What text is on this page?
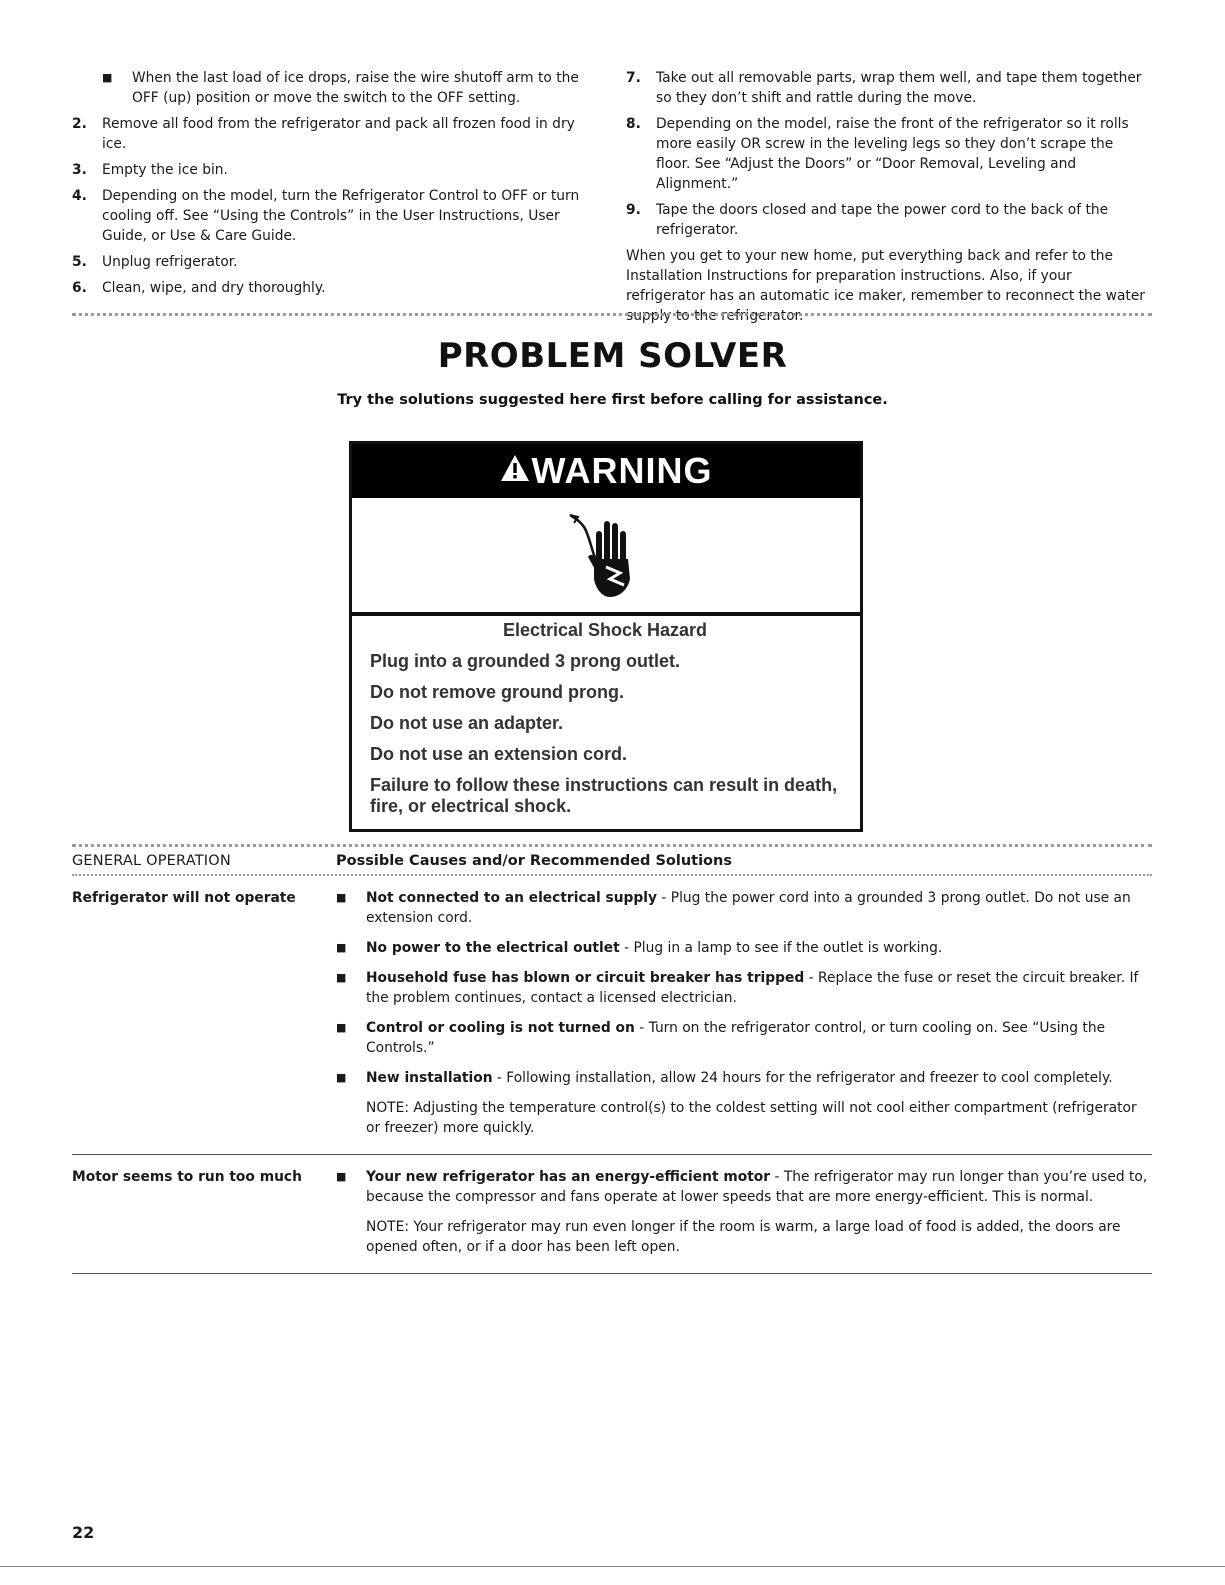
■	When the last load of ice drops, raise the wire shutoff arm to the OFF (up) position or move the switch to the OFF setting.
2.	Remove all food from the refrigerator and pack all frozen food in dry ice.
3.	Empty the ice bin.
4.	Depending on the model, turn the Refrigerator Control to OFF or turn cooling off. See “Using the Controls” in the User Instructions, User Guide, or Use & Care Guide.
5.	Unplug refrigerator.
6.	Clean, wipe, and dry thoroughly.
7.	Take out all removable parts, wrap them well, and tape them together so they don’t shift and rattle during the move.
8.	Depending on the model, raise the front of the refrigerator so it rolls more easily OR screw in the leveling legs so they don’t scrape the floor. See “Adjust the Doors” or “Door Removal, Leveling and Alignment.”
9.	Tape the doors closed and tape the power cord to the back of the refrigerator.
When you get to your new home, put everything back and refer to the Installation Instructions for preparation instructions. Also, if your refrigerator has an automatic ice maker, remember to reconnect the water supply to the refrigerator.
PROBLEM SOLVER
Try the solutions suggested here first before calling for assistance.
WARNING
Electrical Shock Hazard
Plug into a grounded 3 prong outlet.
Do not remove ground prong.
Do not use an adapter.
Do not use an extension cord.
Failure to follow these instructions can result in death, fire, or electrical shock.
GENERAL OPERATION	Possible Causes and/or Recommended Solutions
Refrigerator will not operate	■	Not connected to an electrical supply - Plug the power cord into a grounded 3 prong outlet. Do not use an extension cord.
■	No power to the electrical outlet - Plug in a lamp to see if the outlet is working.
■	Household fuse has blown or circuit breaker has tripped - Replace the fuse or reset the circuit breaker. If the problem continues, contact a licensed electrician.
■	Control or cooling is not turned on - Turn on the refrigerator control, or turn cooling on. See “Using the Controls.”
■	New installation - Following installation, allow 24 hours for the refrigerator and freezer to cool completely.
NOTE: Adjusting the temperature control(s) to the coldest setting will not cool either compartment (refrigerator or freezer) more quickly.
Motor seems to run too much	■	Your new refrigerator has an energy-efficient motor - The refrigerator may run longer than you’re used to, because the compressor and fans operate at lower speeds that are more energy-efficient. This is normal.
NOTE: Your refrigerator may run even longer if the room is warm, a large load of food is added, the doors are opened often, or if a door has been left open.
22
